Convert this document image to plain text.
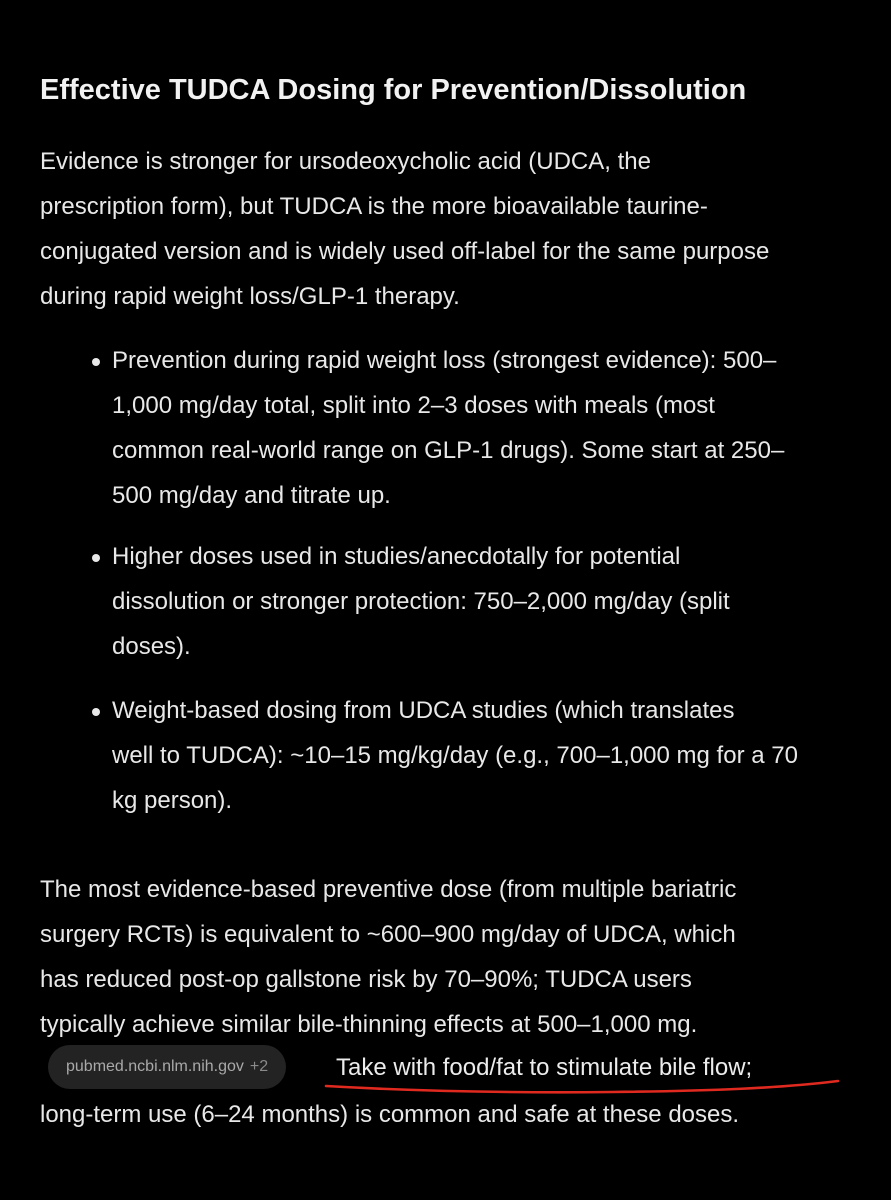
Effective TUDCA Dosing for Prevention/Dissolution
Evidence is stronger for ursodeoxycholic acid (UDCA, the
prescription form), but TUDCA is the more bioavailable taurine-
conjugated version and is widely used off-label for the same purpose
during rapid weight loss/GLP-1 therapy.
Prevention during rapid weight loss (strongest evidence): 500–
1,000 mg/day total, split into 2–3 doses with meals (most
common real-world range on GLP-1 drugs). Some start at 250–
500 mg/day and titrate up.
Higher doses used in studies/anecdotally for potential
dissolution or stronger protection: 750–2,000 mg/day (split
doses).
Weight-based dosing from UDCA studies (which translates
well to TUDCA): ~10–15 mg/kg/day (e.g., 700–1,000 mg for a 70
kg person).
The most evidence-based preventive dose (from multiple bariatric
surgery RCTs) is equivalent to ~600–900 mg/day of UDCA, which
has reduced post-op gallstone risk by 70–90%; TUDCA users
typically achieve similar bile-thinning effects at 500–1,000 mg.
pubmed.ncbi.nlm.nih.gov +2	Take with food/fat to stimulate bile flow;
long-term use (6–24 months) is common and safe at these doses.
